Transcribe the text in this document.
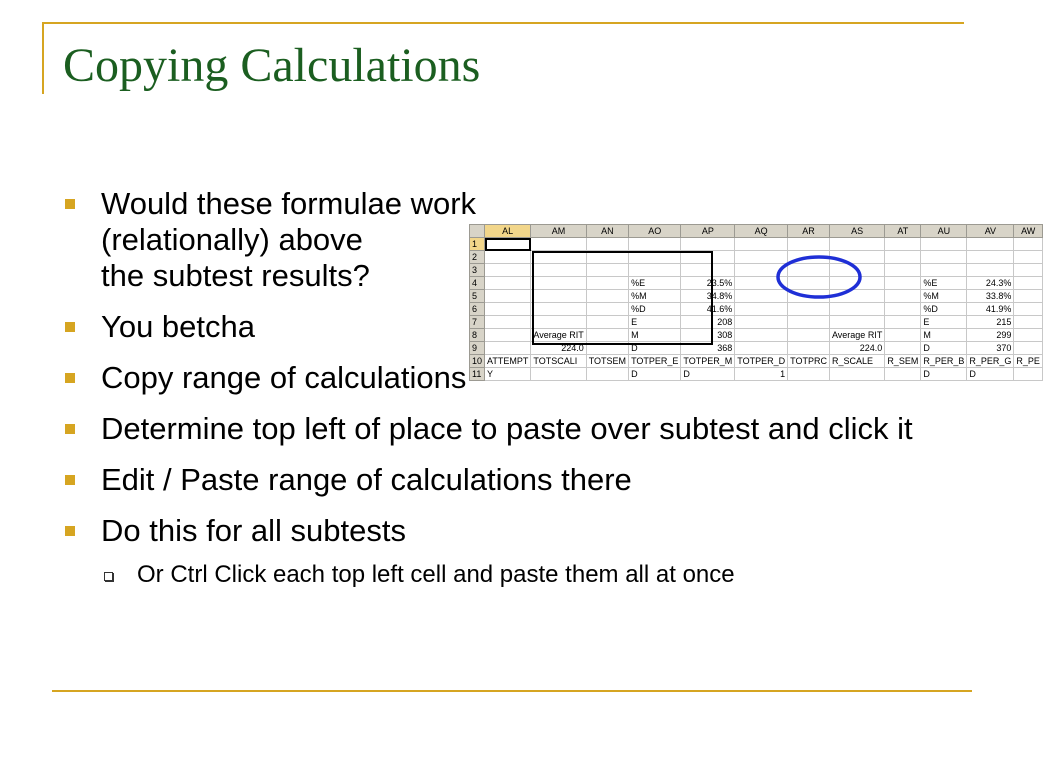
Copying Calculations
Would these formulae work
(relationally) above
the subtest results?
You betcha
Copy range of calculations
Determine top left of place to paste over subtest and click it
Edit / Paste range of calculations there
Do this for all subtests
Or Ctrl Click each top left cell and paste them all at once
	AL	AM	AN	AO	AP	AQ	AR	AS	AT	AU	AV	AW
1												
2												
3												
4				%E	23.5%					%E	24.3%	
5				%M	34.8%					%M	33.8%	
6				%D	41.6%					%D	41.9%	
7				E	208					E	215	
8		Average RIT		M	308			Average RIT		M	299	
9		224.0		D	368			224.0		D	370	
10	ATTEMPT	TOTSCALI	TOTSEM	TOTPER_E	TOTPER_M	TOTPER_D	TOTPRC	R_SCALE	R_SEM	R_PER_B	R_PER_G	R_PE
11	Y			D	D	1				D	D	
